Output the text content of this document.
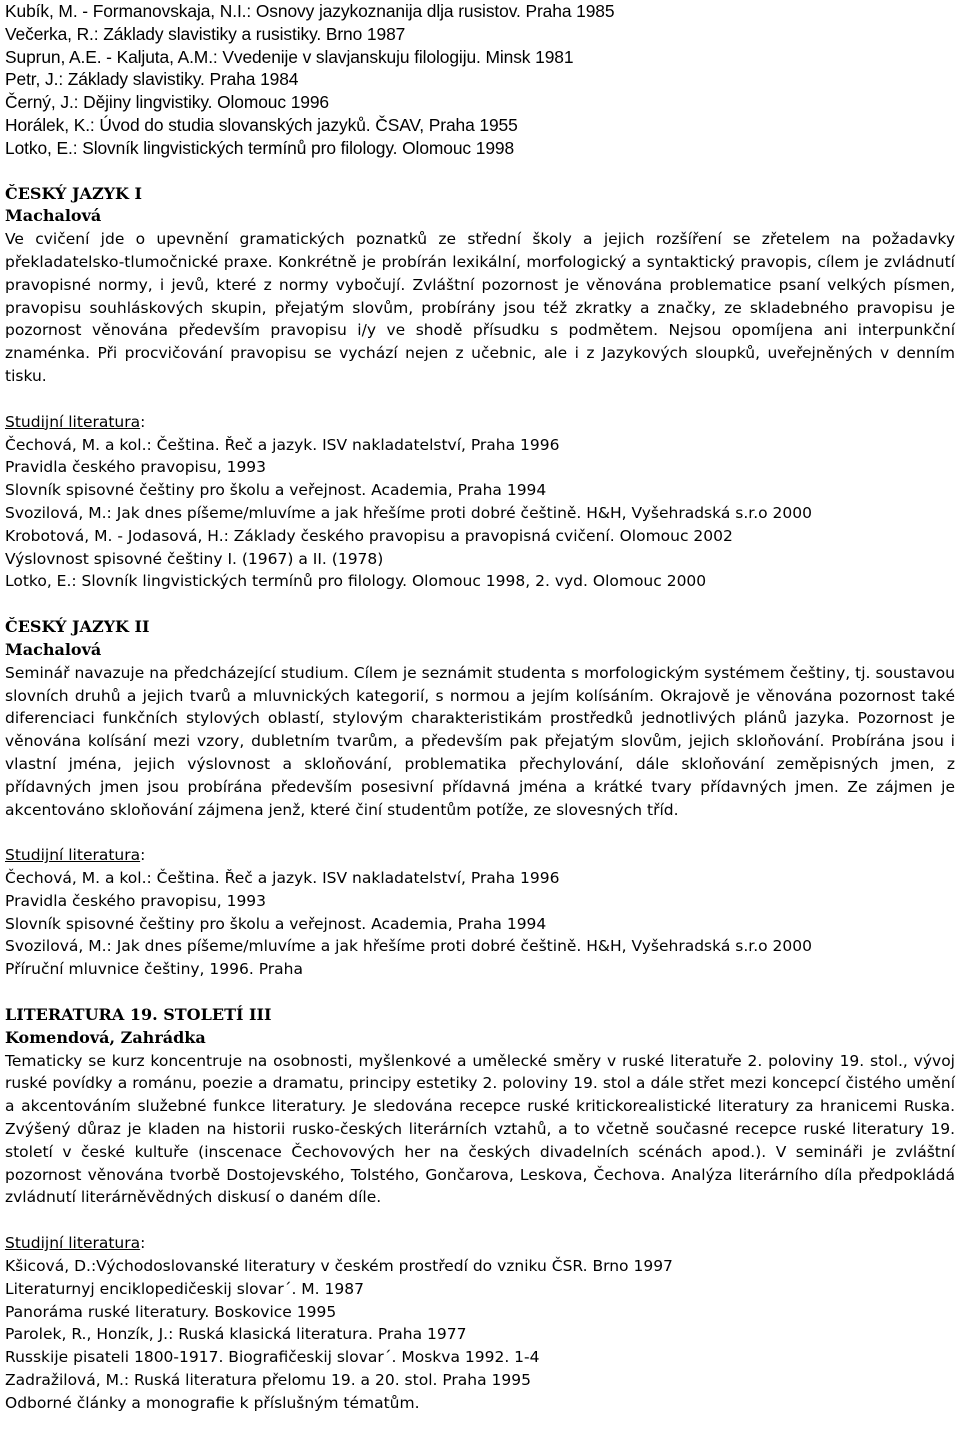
Kubík, M. - Formanovskaja, N.I.: Osnovy jazykoznanija dlja rusistov. Praha 1985
Večerka, R.: Základy slavistiky a rusistiky. Brno 1987
Suprun, A.E. - Kaljuta, A.M.: Vvedenije v slavjanskuju filologiju. Minsk 1981
Petr, J.: Základy slavistiky. Praha 1984
Černý, J.: Dějiny lingvistiky. Olomouc 1996
Horálek, K.: Úvod do studia slovanských jazyků. ČSAV, Praha 1955
Lotko, E.: Slovník lingvistických termínů pro filology. Olomouc 1998
ČESKÝ JAZYK I
Machalová
Ve cvičení jde o upevnění gramatických poznatků ze střední školy a jejich rozšíření se zřetelem na požadavky překladatelsko-tlumočnické praxe. Konkrétně je probírán lexikální, morfologický a syntaktický pravopis, cílem je zvládnutí pravopisné normy, i jevů, které z normy vybočují. Zvláštní pozornost je věnována problematice psaní velkých písmen, pravopisu souhláskových skupin, přejatým slovům, probírány jsou též zkratky a značky, ze skladebného pravopisu je pozornost věnována především pravopisu i/y ve shodě přísudku s podmětem. Nejsou opomíjena ani interpunkční znaménka. Při procvičování pravopisu se vychází nejen z učebnic, ale i z Jazykových sloupků, uveřejněných v denním tisku.
Studijní literatura:
Čechová, M. a kol.: Čeština. Řeč a jazyk. ISV nakladatelství, Praha 1996
Pravidla českého pravopisu, 1993
Slovník spisovné češtiny pro školu a veřejnost. Academia, Praha 1994
Svozilová, M.: Jak dnes píšeme/mluvíme a jak hřešíme proti dobré češtině. H&H, Vyšehradská s.r.o 2000
Krobotová, M. - Jodasová, H.: Základy českého pravopisu a pravopisná cvičení. Olomouc 2002
Výslovnost spisovné češtiny I. (1967) a II. (1978)
Lotko, E.: Slovník lingvistických termínů pro filology. Olomouc 1998, 2. vyd. Olomouc 2000
ČESKÝ JAZYK II
Machalová
Seminář navazuje na předcházející studium. Cílem je seznámit studenta s morfologickým systémem češtiny, tj. soustavou slovních druhů a jejich tvarů a mluvnických kategorií, s normou a jejím kolísáním. Okrajově je věnována pozornost také diferenciaci funkčních stylových oblastí, stylovým charakteristikám prostředků jednotlivých plánů jazyka. Pozornost je věnována kolísání mezi vzory, dubletním tvarům, a především pak přejatým slovům, jejich skloňování. Probírána jsou i vlastní jména, jejich výslovnost a skloňování, problematika přechylování, dále skloňování zeměpisných jmen, z přídavných jmen jsou probírána především posesivní přídavná jména a krátké tvary přídavných jmen. Ze zájmen je akcentováno skloňování zájmena jenž, které činí studentům potíže, ze slovesných tříd.
Studijní literatura:
Čechová, M. a kol.: Čeština. Řeč a jazyk. ISV nakladatelství, Praha 1996
Pravidla českého pravopisu, 1993
Slovník spisovné češtiny pro školu a veřejnost. Academia, Praha 1994
Svozilová, M.: Jak dnes píšeme/mluvíme a jak hřešíme proti dobré češtině. H&H, Vyšehradská s.r.o 2000
Příruční mluvnice češtiny, 1996. Praha
LITERATURA 19. STOLETÍ III
Komendová, Zahrádka
Tematicky se kurz koncentruje na osobnosti, myšlenkové a umělecké směry v ruské literatuře 2. poloviny 19. stol., vývoj ruské povídky a románu, poezie a dramatu, principy estetiky 2. poloviny 19. stol a dále střet mezi koncepcí čistého umění a akcentováním služebné funkce literatury. Je sledována recepce ruské kritickorealistické literatury za hranicemi Ruska. Zvýšený důraz je kladen na historii rusko-českých literárních vztahů, a to včetně současné recepce ruské literatury 19. století v české kultuře (inscenace Čechovových her na českých divadelních scénách apod.). V semináři je zvláštní pozornost věnována tvorbě Dostojevského, Tolstého, Gončarova, Leskova, Čechova. Analýza literárního díla předpokládá zvládnutí literárněvědných diskusí o daném díle.
Studijní literatura:
Kšicová, D.:Východoslovanské literatury v českém prostředí do vzniku ČSR. Brno 1997
Literaturnyj enciklopedičeskij slovar´. M. 1987
Panoráma ruské literatury. Boskovice 1995
Parolek, R., Honzík, J.: Ruská klasická literatura. Praha 1977
Russkije pisateli 1800-1917. Biografičeskij slovar´. Moskva 1992. 1-4
Zadražilová, M.: Ruská literatura přelomu 19. a 20. stol. Praha 1995
Odborné články a monografie k příslušným tématům.
